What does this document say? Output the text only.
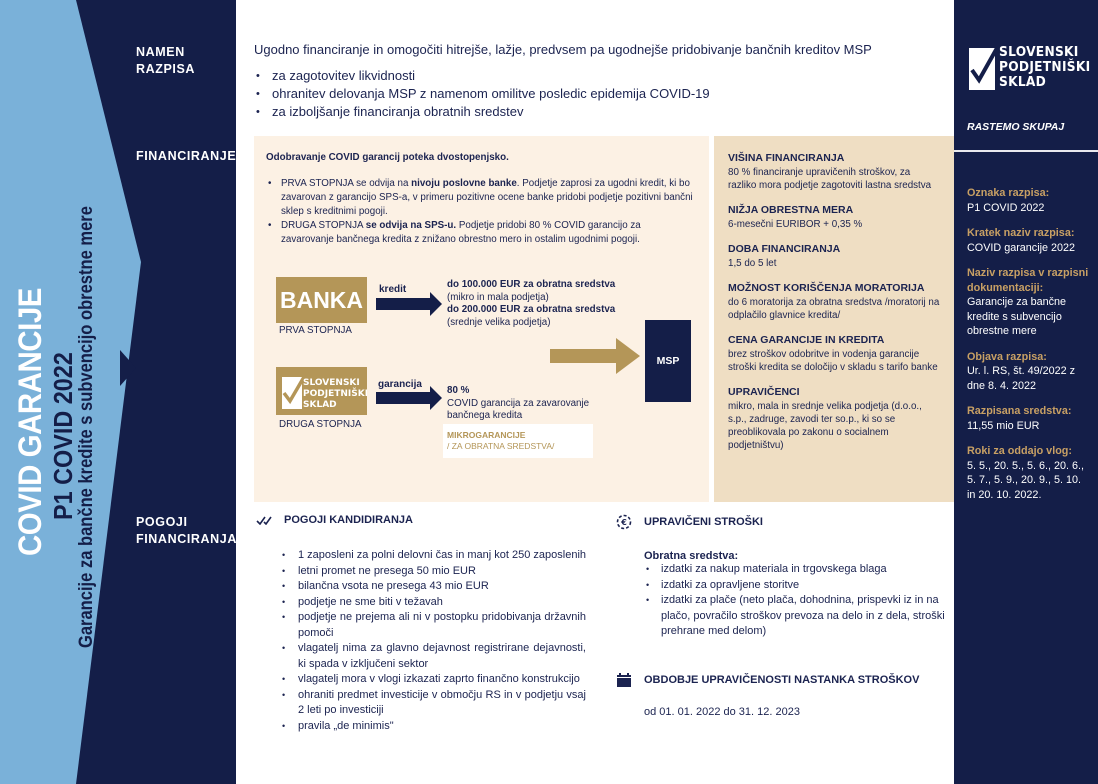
COVID GARANCIJE P1 COVID 2022
Garancije za bančne kredite s subvencijo obrestne mere
NAMEN
RAZPISA
FINANCIRANJE
POGOJI
FINANCIRANJA
Ugodno financiranje in omogočiti hitrejše, lažje, predvsem pa ugodnejše pridobivanje bančnih kreditov MSP
• za zagotovitev likvidnosti
• ohranitev delovanja MSP z namenom omilitve posledic epidemija COVID-19
• za izboljšanje financiranja obratnih sredstev
Odobravanje COVID garancij poteka dvostopenjsko.
• PRVA STOPNJA se odvija na nivoju poslovne banke. Podjetje zaprosi za ugodni kredit, ki bo zavarovan z garancijo SPS-a, v primeru pozitivne ocene banke pridobi podjetje pozitivni bančni sklep s kreditnimi pogoji.
• DRUGA STOPNJA se odvija na SPS-u. Podjetje pridobi 80 % COVID garancijo za zavarovanje bančnega kredita z znižano obrestno mero in ostalim ugodnimi pogoji.
BANKA
PRVA STOPNJA
SLOVENSKI
PODJETNIŠKI
SKLAD
DRUGA STOPNJA
kredit	do 100.000 EUR za obratna sredstva
(mikro in mala podjetja)
do 200.000 EUR za obratna sredstva
(srednje velika podjetja)
garancija
80 %
COVID garancija za zavarovanje bančnega kredita
MIKROGARANCIJE
/ ZA OBRATNA SREDSTVA/
MSP
VIŠINA FINANCIRANJA
80 % financiranje upravičenih stroškov, za razliko mora podjetje zagotoviti lastna sredstva
NIŽJA OBRESTNA MERA
6-mesečni EURIBOR + 0,35 %
DOBA FINANCIRANJA
1,5 do 5 let
MOŽNOST KORIŠČENJA MORATORIJA
do 6 moratorija za obratna sredstva /moratorij na odplačilo glavnice kredita/
CENA GARANCIJE IN KREDITA
brez stroškov odobritve in vodenja garancije stroški kredita se določijo v skladu s tarifo banke
UPRAVIČENCI
mikro, mala in srednje velika podjetja (d.o.o., s.p., zadruge, zavodi ter so.p., ki so se preoblikovala po zakonu o socialnem podjetništvu)
POGOJI KANDIDIRANJA
• 1 zaposleni za polni delovni čas in manj kot 250 zaposlenih
• letni promet ne presega 50 mio EUR
• bilančna vsota ne presega 43 mio EUR
• podjetje ne sme biti v težavah
• podjetje ne prejema ali ni v postopku pridobivanja državnih pomoči
• vlagatelj nima za glavno dejavnost registrirane dejavnosti, ki spada v izključeni sektor
• vlagatelj mora v vlogi izkazati zaprto finančno konstrukcijo
• ohraniti predmet investicije v območju RS in v podjetju vsaj 2 leti po investiciji
• pravila „de minimis"
€ UPRAVIČENI STROŠKI
Obratna sredstva:
• izdatki za nakup materiala in trgovskega blaga
• izdatki za opravljene storitve
• izdatki za plače (neto plača, dohodnina, prispevki iz in na plačo, povračilo stroškov prevoza na delo in z dela, stroški prehrane med delom)
OBDOBJE UPRAVIČENOSTI NASTANKA STROŠKOV
od 01. 01. 2022 do 31. 12. 2023
SLOVENSKI
PODJETNIŠKI
SKLAD
RASTEMO SKUPAJ
Oznaka razpisa:
P1 COVID 2022
Kratek naziv razpisa:
COVID garancije 2022
Naziv razpisa v razpisni dokumentaciji:
Garancije za bančne kredite s subvencijo obrestne mere
Objava razpisa:
Ur. l. RS, št. 49/2022 z dne 8. 4. 2022
Razpisana sredstva:
11,55 mio EUR
Roki za oddajo vlog:
5. 5., 20. 5., 5. 6., 20. 6., 5. 7., 5. 9., 20. 9., 5. 10. in 20. 10. 2022.
